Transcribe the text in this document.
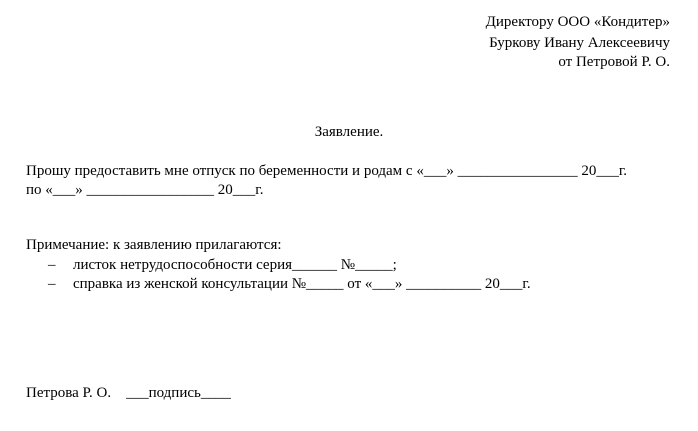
Директору ООО «Кондитер»
Буркову Ивану Алексеевичу
от Петровой Р. О.
Заявление.
Прошу предоставить мне отпуск по беременности и родам с «___» ________________ 20___г.
по «___» _________________ 20___г.
Примечание: к заявлению прилагаются:
– листок нетрудоспособности серия______ №_____;
– справка из женской консультации №_____ от «___» __________ 20___г.
Петрова Р. О.    ___подпись____
